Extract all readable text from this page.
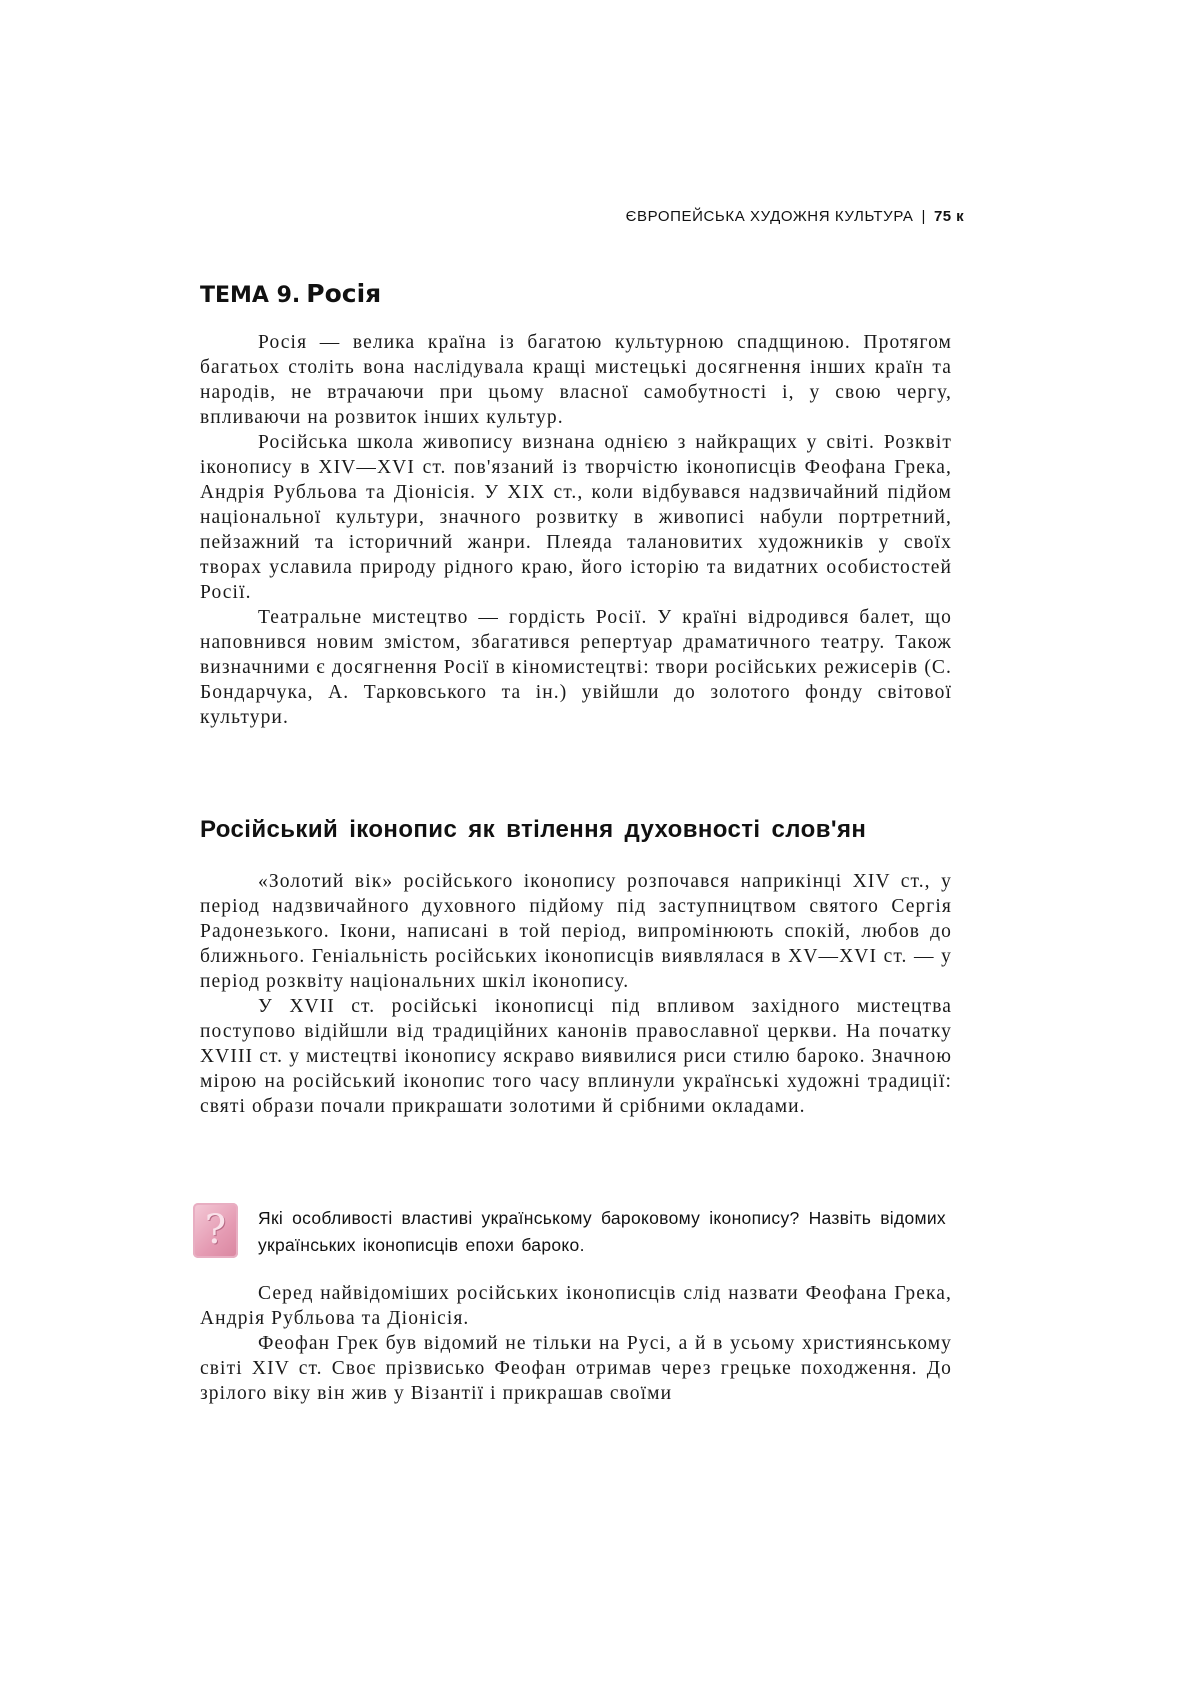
ЄВРОПЕЙСЬКА ХУДОЖНЯ КУЛЬТУРА | 75 к
ТЕМА 9. Росія

Росія — велика країна із багатою культурною спадщиною. Протягом багатьох століть вона наслідувала кращі мистецькі досягнення інших країн та народів, не втрачаючи при цьому власної самобутності і, у свою чергу, впливаючи на розвиток інших культур.

Російська школа живопису визнана однією з найкращих у світі. Розквіт іконопису в XIV—XVI ст. пов'язаний із творчістю іконописців Феофана Грека, Андрія Рубльова та Діонісія. У XIX ст., коли відбувався надзвичайний підйом національної культури, значного розвитку в живописі набули портретний, пейзажний та історичний жанри. Плеяда талановитих художників у своїх творах уславила природу рідного краю, його історію та видатних особистостей Росії.

Театральне мистецтво — гордість Росії. У країні відродився балет, що наповнився новим змістом, збагатився репертуар драматичного театру. Також визначними є досягнення Росії в кіномистецтві: твори російських режисерів (С. Бондарчука, А. Тарковського та ін.) увійшли до золотого фонду світової культури.

Російський іконопис як втілення духовності слов'ян

«Золотий вік» російського іконопису розпочався наприкінці XIV ст., у період надзвичайного духовного підйому під заступництвом святого Сергія Радонезького. Ікони, написані в той період, випромінюють спокій, любов до ближнього. Геніальність російських іконописців виявлялася в XV—XVI ст. — у період розквіту національних шкіл іконопису.

У XVII ст. російські іконописці під впливом західного мистецтва поступово відійшли від традиційних канонів православної церкви. На початку XVIII ст. у мистецтві іконопису яскраво виявилися риси стилю бароко. Значною мірою на російський іконопис того часу вплинули українські художні традиції: святі образи почали прикрашати золотими й срібними окладами.

?	Які особливості властиві українському бароковому іконопису? Назвіть відомих українських іконописців епохи бароко.

Серед найвідоміших російських іконописців слід назвати Феофана Грека, Андрія Рубльова та Діонісія.

Феофан Грек був відомий не тільки на Русі, а й в усьому християнському світі XIV ст. Своє прізвисько Феофан отримав через грецьке походження. До зрілого віку він жив у Візантії і прикрашав своїми
